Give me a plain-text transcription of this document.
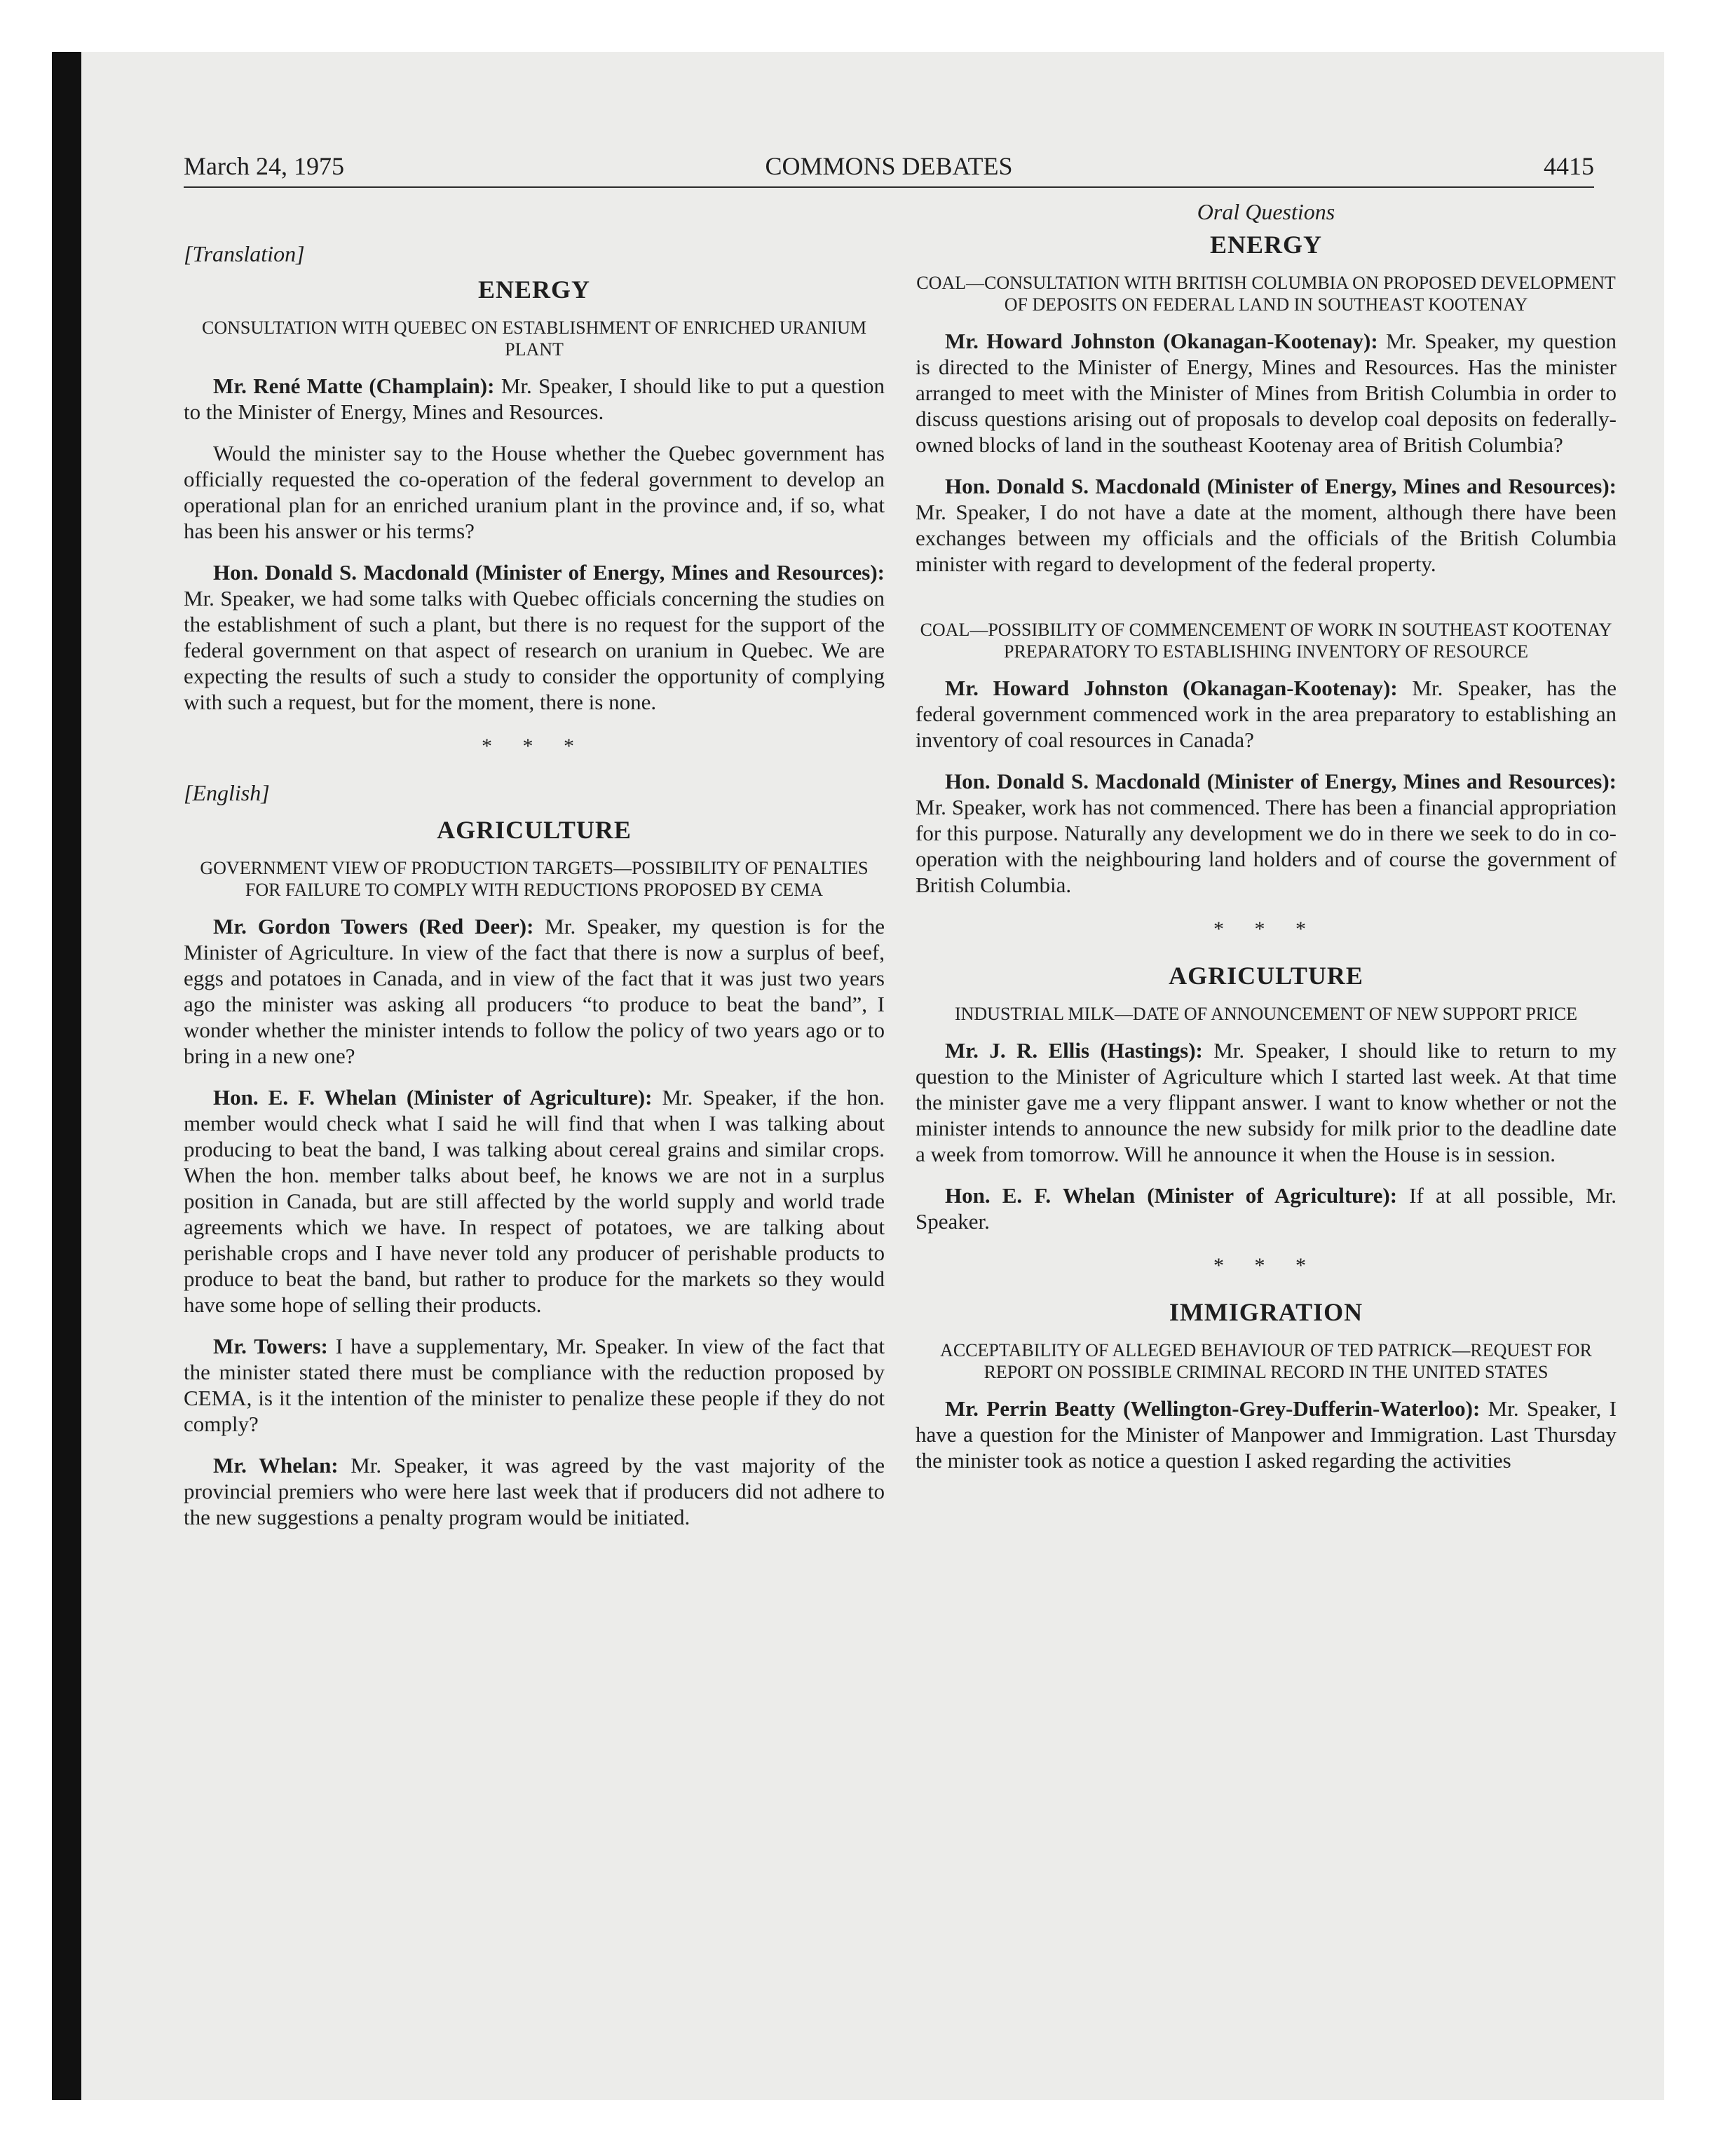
March 24, 1975	COMMONS DEBATES	4415

[Translation]

ENERGY
CONSULTATION WITH QUEBEC ON ESTABLISHMENT OF ENRICHED URANIUM PLANT

Mr. René Matte (Champlain): Mr. Speaker, I should like to put a question to the Minister of Energy, Mines and Resources.

Would the minister say to the House whether the Quebec government has officially requested the co-operation of the federal government to develop an operational plan for an enriched uranium plant in the province and, if so, what has been his answer or his terms?

Hon. Donald S. Macdonald (Minister of Energy, Mines and Resources): Mr. Speaker, we had some talks with Quebec officials concerning the studies on the establishment of such a plant, but there is no request for the support of the federal government on that aspect of research on uranium in Quebec. We are expecting the results of such a study to consider the opportunity of complying with such a request, but for the moment, there is none.

* * *

[English]

AGRICULTURE
GOVERNMENT VIEW OF PRODUCTION TARGETS—POSSIBILITY OF PENALTIES FOR FAILURE TO COMPLY WITH REDUCTIONS PROPOSED BY CEMA

Mr. Gordon Towers (Red Deer): Mr. Speaker, my question is for the Minister of Agriculture. In view of the fact that there is now a surplus of beef, eggs and potatoes in Canada, and in view of the fact that it was just two years ago the minister was asking all producers “to produce to beat the band”, I wonder whether the minister intends to follow the policy of two years ago or to bring in a new one?

Hon. E. F. Whelan (Minister of Agriculture): Mr. Speaker, if the hon. member would check what I said he will find that when I was talking about producing to beat the band, I was talking about cereal grains and similar crops. When the hon. member talks about beef, he knows we are not in a surplus position in Canada, but are still affected by the world supply and world trade agreements which we have. In respect of potatoes, we are talking about perishable crops and I have never told any producer of perishable products to produce to beat the band, but rather to produce for the markets so they would have some hope of selling their products.

Mr. Towers: I have a supplementary, Mr. Speaker. In view of the fact that the minister stated there must be compliance with the reduction proposed by CEMA, is it the intention of the minister to penalize these people if they do not comply?

Mr. Whelan: Mr. Speaker, it was agreed by the vast majority of the provincial premiers who were here last week that if producers did not adhere to the new suggestions a penalty program would be initiated.

Oral Questions
ENERGY
COAL—CONSULTATION WITH BRITISH COLUMBIA ON PROPOSED DEVELOPMENT OF DEPOSITS ON FEDERAL LAND IN SOUTHEAST KOOTENAY

Mr. Howard Johnston (Okanagan-Kootenay): Mr. Speaker, my question is directed to the Minister of Energy, Mines and Resources. Has the minister arranged to meet with the Minister of Mines from British Columbia in order to discuss questions arising out of proposals to develop coal deposits on federally-owned blocks of land in the southeast Kootenay area of British Columbia?

Hon. Donald S. Macdonald (Minister of Energy, Mines and Resources): Mr. Speaker, I do not have a date at the moment, although there have been exchanges between my officials and the officials of the British Columbia minister with regard to development of the federal property.

COAL—POSSIBILITY OF COMMENCEMENT OF WORK IN SOUTHEAST KOOTENAY PREPARATORY TO ESTABLISHING INVENTORY OF RESOURCE

Mr. Howard Johnston (Okanagan-Kootenay): Mr. Speaker, has the federal government commenced work in the area preparatory to establishing an inventory of coal resources in Canada?

Hon. Donald S. Macdonald (Minister of Energy, Mines and Resources): Mr. Speaker, work has not commenced. There has been a financial appropriation for this purpose. Naturally any development we do in there we seek to do in co-operation with the neighbouring land holders and of course the government of British Columbia.

* * *
AGRICULTURE
INDUSTRIAL MILK—DATE OF ANNOUNCEMENT OF NEW SUPPORT PRICE

Mr. J. R. Ellis (Hastings): Mr. Speaker, I should like to return to my question to the Minister of Agriculture which I started last week. At that time the minister gave me a very flippant answer. I want to know whether or not the minister intends to announce the new subsidy for milk prior to the deadline date a week from tomorrow. Will he announce it when the House is in session.

Hon. E. F. Whelan (Minister of Agriculture): If at all possible, Mr. Speaker.

* * *
IMMIGRATION
ACCEPTABILITY OF ALLEGED BEHAVIOUR OF TED PATRICK—REQUEST FOR REPORT ON POSSIBLE CRIMINAL RECORD IN THE UNITED STATES

Mr. Perrin Beatty (Wellington-Grey-Dufferin-Waterloo): Mr. Speaker, I have a question for the Minister of Manpower and Immigration. Last Thursday the minister took as notice a question I asked regarding the activities
